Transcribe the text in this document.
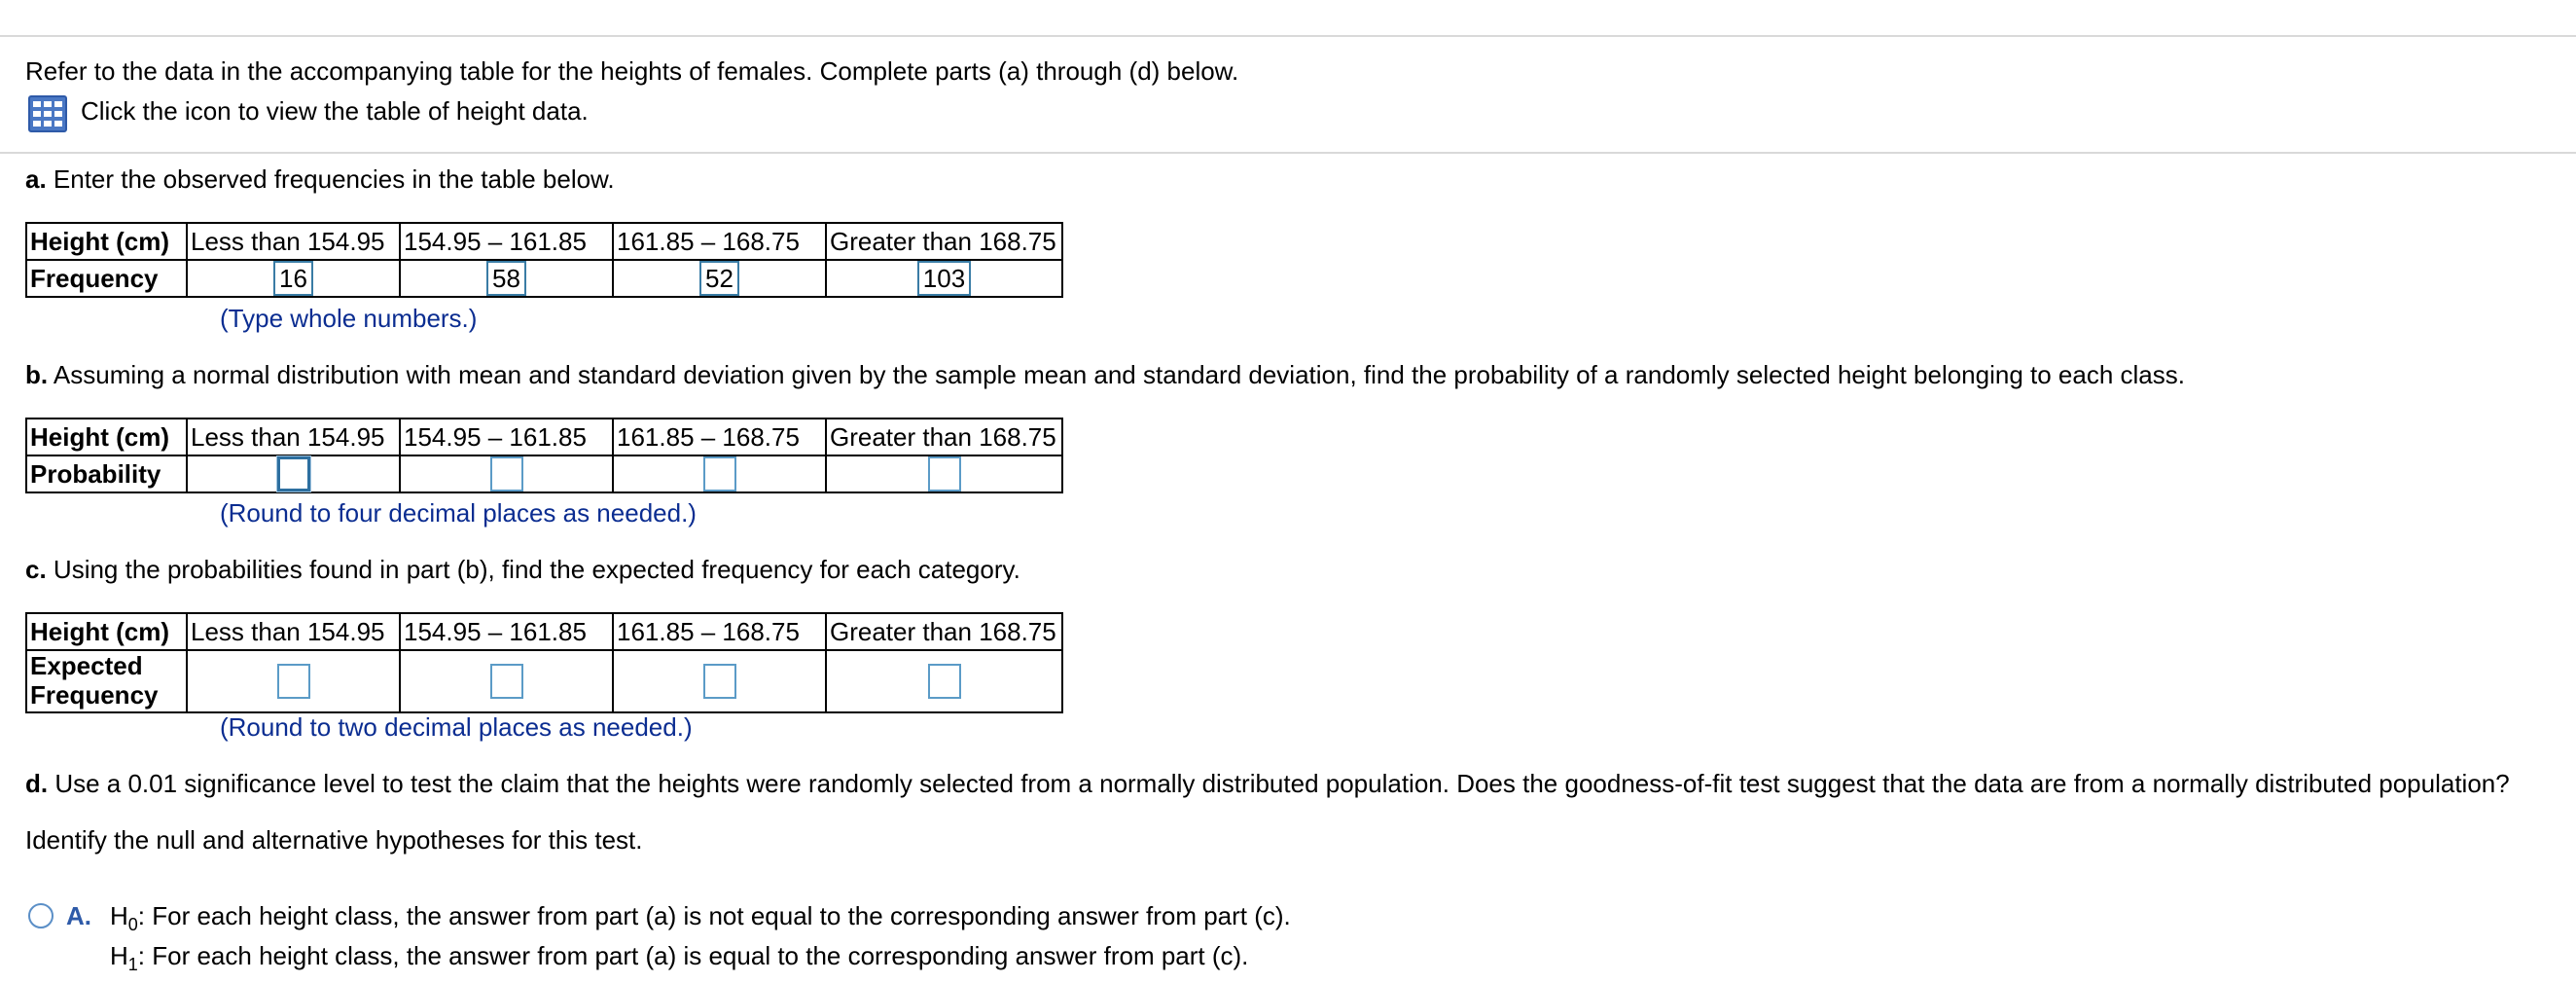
Refer to the data in the accompanying table for the heights of females. Complete parts (a) through (d) below.
Click the icon to view the table of height data.
a. Enter the observed frequencies in the table below.
Height (cm)	Less than 154.95	154.95 – 161.85	161.85 – 168.75	Greater than 168.75
Frequency	16	58	52	103
(Type whole numbers.)
b. Assuming a normal distribution with mean and standard deviation given by the sample mean and standard deviation, find the probability of a randomly selected height belonging to each class.
Height (cm)	Less than 154.95	154.95 – 161.85	161.85 – 168.75	Greater than 168.75
Probability				
(Round to four decimal places as needed.)
c. Using the probabilities found in part (b), find the expected frequency for each category.
Height (cm)	Less than 154.95	154.95 – 161.85	161.85 – 168.75	Greater than 168.75

Expected
Frequency				

(Round to two decimal places as needed.)
d. Use a 0.01 significance level to test the claim that the heights were randomly selected from a normally distributed population. Does the goodness-of-fit test suggest that the data are from a normally distributed population?
Identify the null and alternative hypotheses for this test.
A. $H_0$: For each height class, the answer from part (a) is not equal to the corresponding answer from part (c).
$H_1$: For each height class, the answer from part (a) is equal to the corresponding answer from part (c).
